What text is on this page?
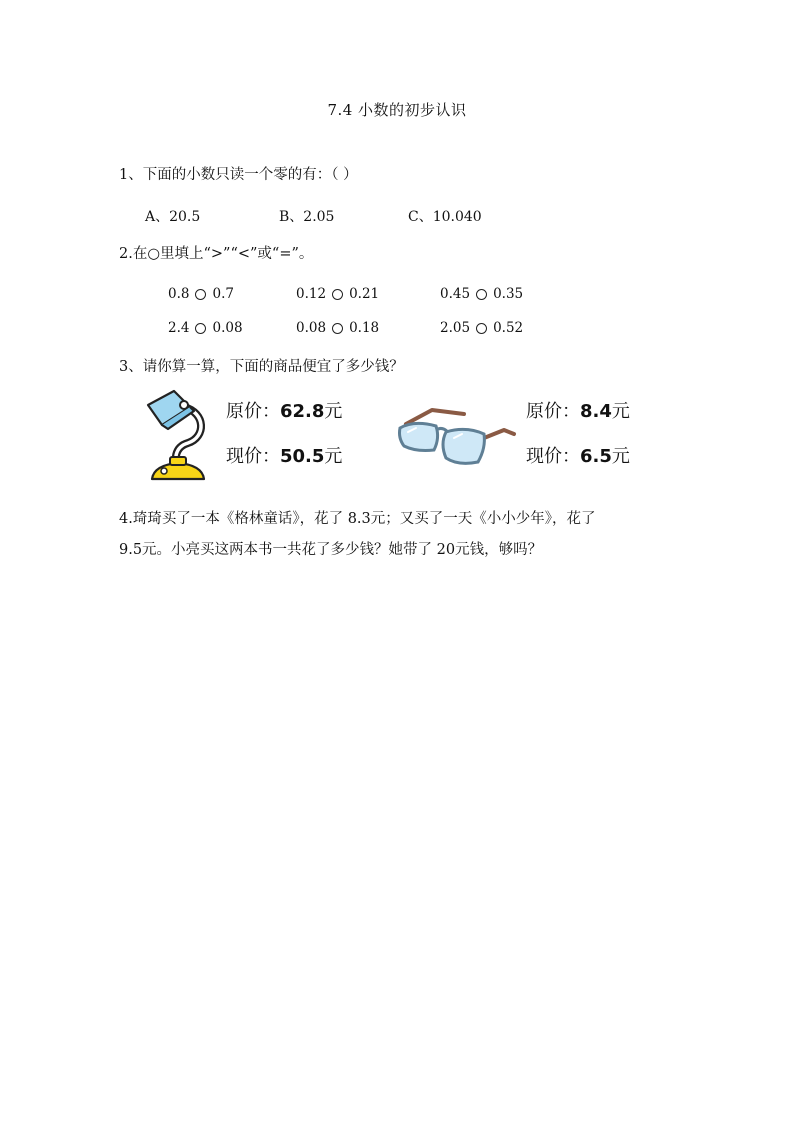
7.4 小数的初步认识
1、下面的小数只读一个零的有：（ ）
A、20.5	B、2.05	C、10.040
2.在○里填上“>”“<”或“=”。
0.8 0.7	0.12 0.21	0.45 0.35
2.4 0.08	0.08 0.18	2.05 0.52
3、请你算一算，下面的商品便宜了多少钱？
原价：62.8元
现价：50.5元
原价：8.4元
现价：6.5元
4.琦琦买了一本《格林童话》，花了 8.3元；又买了一天《小小少年》，花了
9.5元。小亮买这两本书一共花了多少钱？她带了 20元钱，够吗？
